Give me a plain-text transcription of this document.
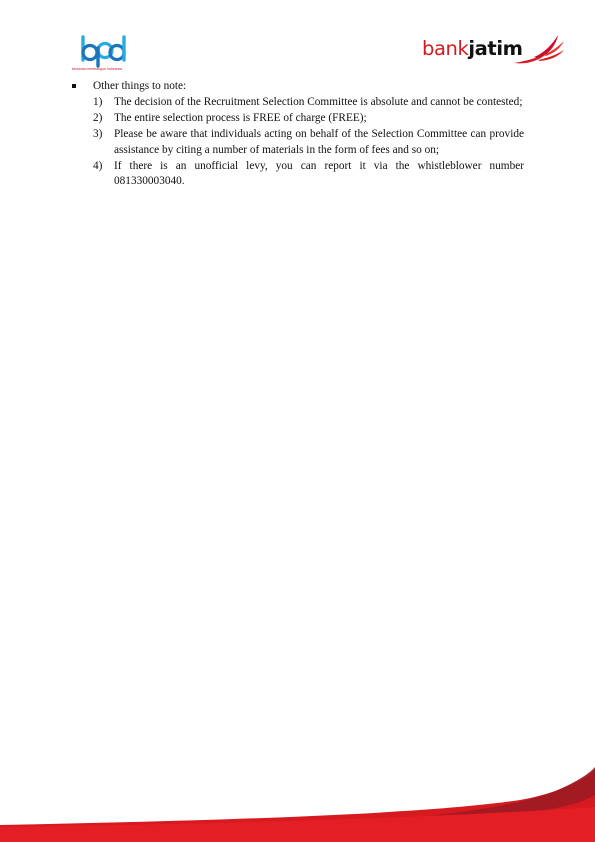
bersama membangun Indonesia
bankjatim
Other things to note:
1) The decision of the Recruitment Selection Committee is absolute and cannot be contested;
2) The entire selection process is FREE of charge (FREE);
3) Please be aware that individuals acting on behalf of the Selection Committee can provide assistance by citing a number of materials in the form of fees and so on;
4) If there is an unofficial levy, you can report it via the whistleblower number 081330003040.
